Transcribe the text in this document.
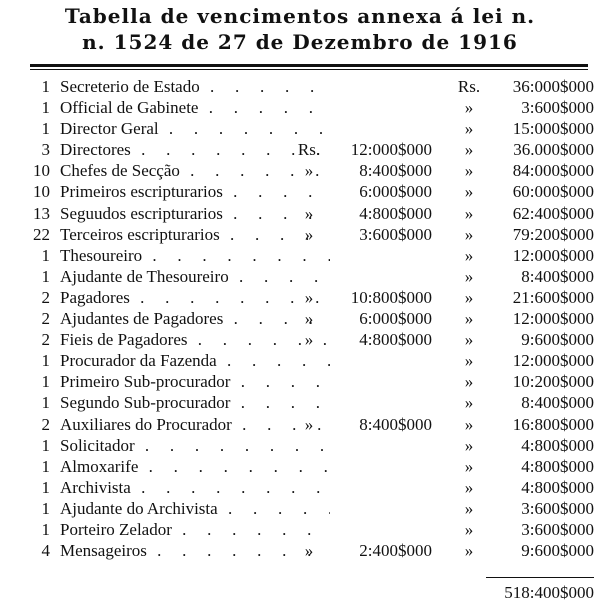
Tabella de vencimentos annexa á lei n.
n. 1524 de 27 de Dezembro de 1916
1 Secreterio de Estado . .	Rs.	36:000$000
1 Official de Gabinete . .	»	3:600$000
1 Director Geral . .	»	15:000$000
3 Directores . .	Rs.	12:000$000	»	36.000$000
10 Chefes de Secção . .	»	8:400$000	»	84:000$000
10 Primeiros escripturarios . .	6:000$000	»	60:000$000
13 Seguudos escripturarios . .	»	4:800$000	»	62:400$000
22 Terceiros escripturarios . .	»	3:600$000	»	79:200$000
1 Thesoureiro . .	»	12:000$000
1 Ajudante de Thesoureiro . .	»	8:400$000
2 Pagadores . .	»	10:800$000	»	21:600$000
2 Ajudantes de Pagadores . .	»	6:000$000	»	12:000$000
2 Fieis de Pagadores . .	»	4:800$000	»	9:600$000
1 Procurador da Fazenda . .	»	12:000$000
1 Primeiro Sub-procurador . .	»	10:200$000
1 Segundo Sub-procurador . .	»	8:400$000
2 Auxiliares do Procurador . .	»	8:400$000	»	16:800$000
1 Solicitador . .	»	4:800$000
1 Almoxarife . .	»	4:800$000
1 Archivista . .	»	4:800$000
1 Ajudante do Archivista . .	»	3:600$000
1 Porteiro Zelador . .	»	3:600$000
4 Mensageiros . .	»	2:400$000	»	9:600$000
518:400$000
